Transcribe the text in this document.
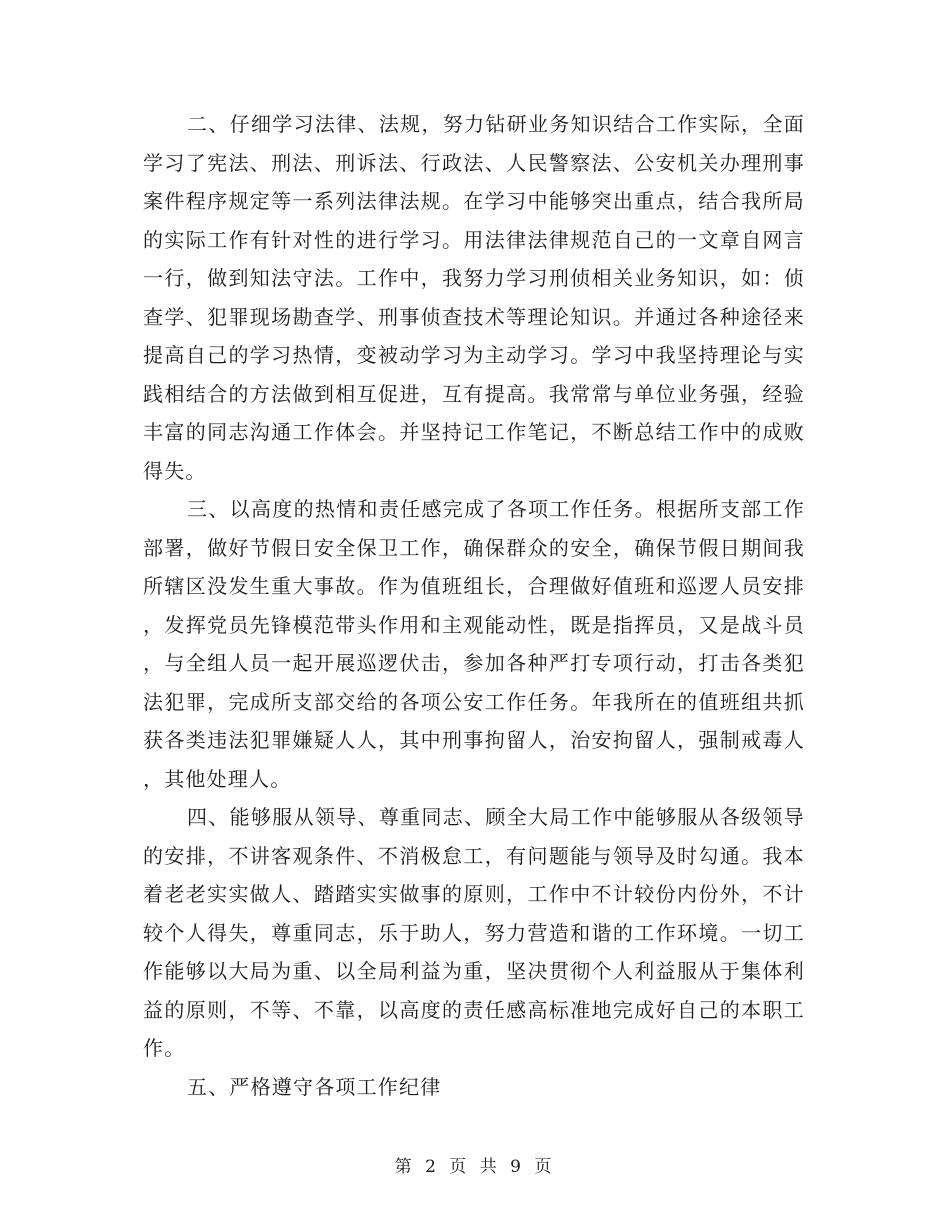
二、仔细学习法律、法规，努力钻研业务知识结合工作实际，全面学习了宪法、刑法、刑诉法、行政法、人民警察法、公安机关办理刑事案件程序规定等一系列法律法规。在学习中能够突出重点，结合我所局的实际工作有针对性的进行学习。用法律法律规范自己的一文章自网言一行，做到知法守法。工作中，我努力学习刑侦相关业务知识，如：侦查学、犯罪现场勘查学、刑事侦查技术等理论知识。并通过各种途径来提高自己的学习热情，变被动学习为主动学习。学习中我坚持理论与实践相结合的方法做到相互促进，互有提高。我常常与单位业务强，经验丰富的同志沟通工作体会。并坚持记工作笔记，不断总结工作中的成败得失。

三、以高度的热情和责任感完成了各项工作任务。根据所支部工作部署，做好节假日安全保卫工作，确保群众的安全，确保节假日期间我所辖区没发生重大事故。作为值班组长，合理做好值班和巡逻人员安排，发挥党员先锋模范带头作用和主观能动性，既是指挥员，又是战斗员，与全组人员一起开展巡逻伏击，参加各种严打专项行动，打击各类犯法犯罪，完成所支部交给的各项公安工作任务。年我所在的值班组共抓获各类违法犯罪嫌疑人人，其中刑事拘留人，治安拘留人，强制戒毒人，其他处理人。

四、能够服从领导、尊重同志、顾全大局工作中能够服从各级领导的安排，不讲客观条件、不消极怠工，有问题能与领导及时勾通。我本着老老实实做人、踏踏实实做事的原则，工作中不计较份内份外，不计较个人得失，尊重同志，乐于助人，努力营造和谐的工作环境。一切工作能够以大局为重、以全局利益为重，坚决贯彻个人利益服从于集体利益的原则，不等、不靠，以高度的责任感高标准地完成好自己的本职工作。

五、严格遵守各项工作纪律

第 2 页 共 9 页
